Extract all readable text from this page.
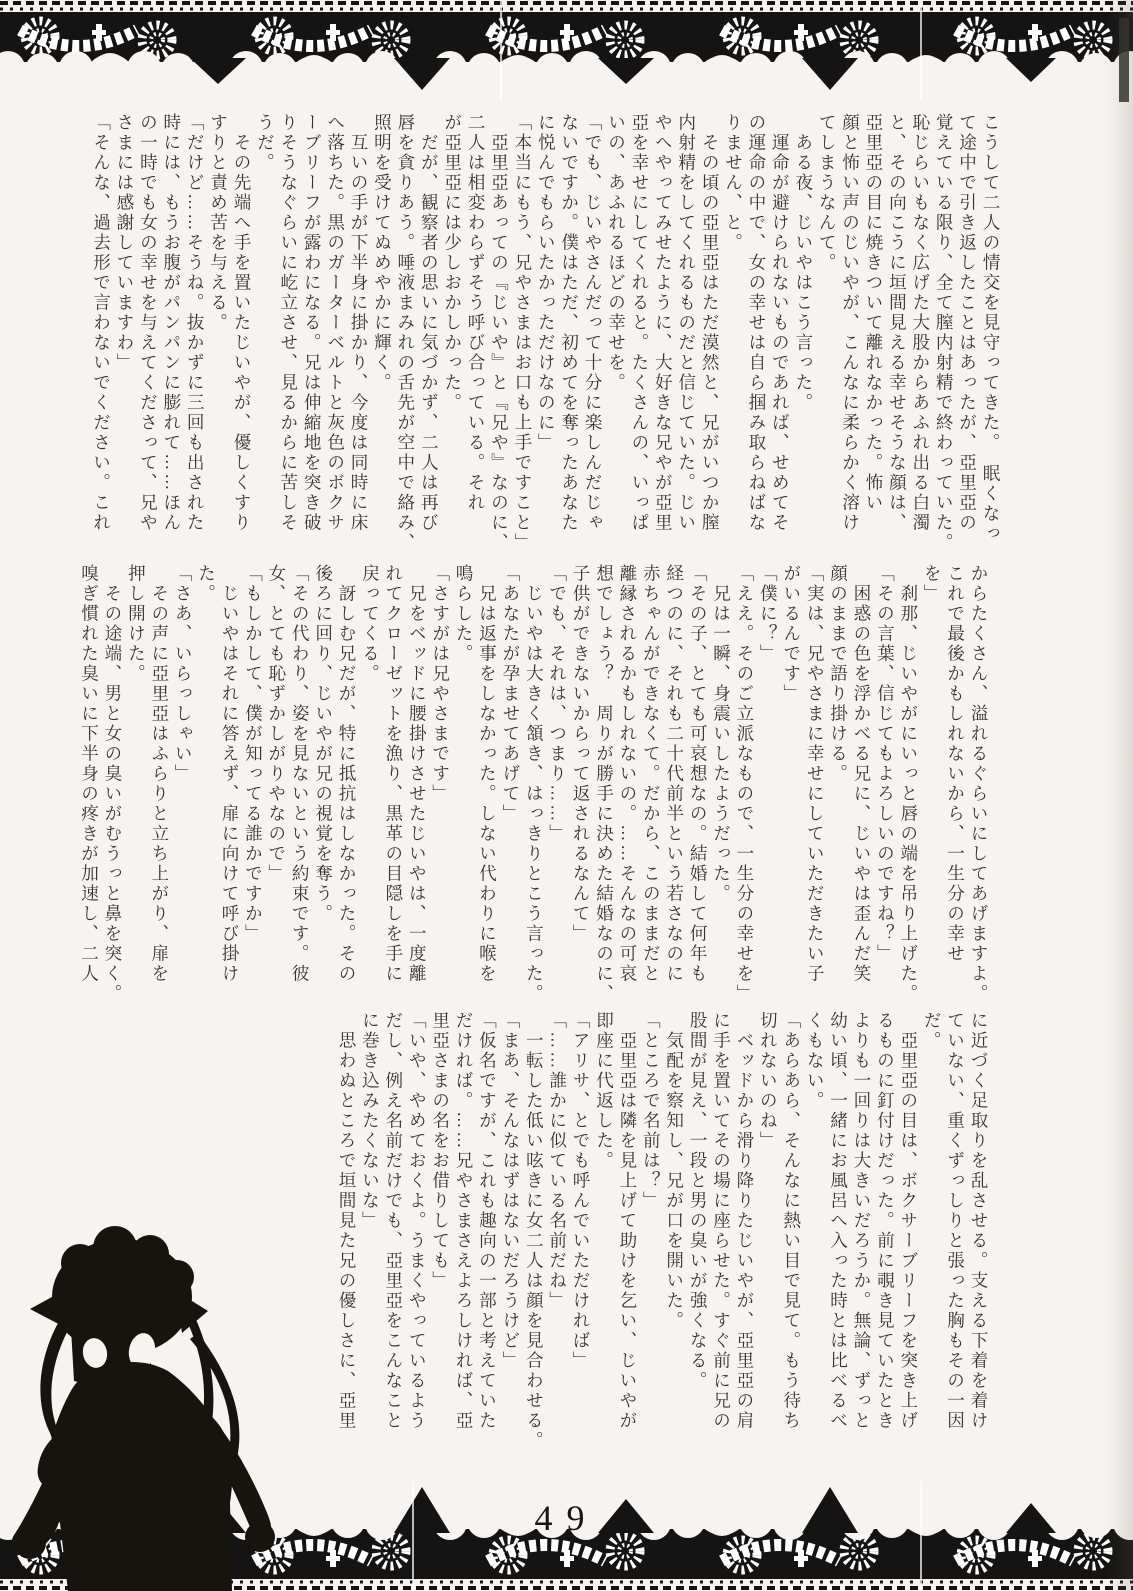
こうして二人の情交を見守ってきた。　眠くなっ
て途中で引き返したことはあったが、亞里亞の
覚えている限り、全て膣内射精で終わっていた。
恥じらいもなく広げた大股からあふれ出る白濁
と、その向こうに垣間見える幸せそうな顔は、
亞里亞の目に焼きついて離れなかった。怖い
顔と怖い声のじいやが、こんなに柔らかく溶け
てしまうなんて。
　ある夜、じいやはこう言った。
　運命が避けられないものであれば、せめてそ
の運命の中で、女の幸せは自ら掴み取らねばな
りません、と。
　その頃の亞里亞はただ漠然と、兄がいつか膣
内射精をしてくれるものだと信じていた。じい
やへやってみせたように、大好きな兄やが亞里
亞を幸せにしてくれると。たくさんの、いっぱ
いの、あふれるほどの幸せを。
「でも、じいやさんだって十分に楽しんだじゃ
ないですか。僕はただ、初めてを奪ったあなた
に悦んでもらいたかっただけなのに」
「本当にもう、兄やさまはお口も上手ですこと」
　亞里亞あっての『じいや』と『兄や』なのに、
二人は相変わらずそう呼び合っている。それ
が亞里亞には少しおかしかった。
　だが、観察者の思いに気づかず、二人は再び
唇を貪りあう。唾液まみれの舌先が空中で絡み、
照明を受けてぬめやかに輝く。
　互いの手が下半身に掛かり、今度は同時に床
へ落ちた。黒のガーターベルトと灰色のボクサ
ーブリーフが露わになる。兄は伸縮地を突き破
りそうなぐらいに屹立させ、見るからに苦しそ
うだ。
　その先端へ手を置いたじいやが、優しくすり
すりと責め苦を与える。
「だけど……そうね。抜かずに三回も出された
時には、もうお腹がパンパンに膨れて……ほん
の一時でも女の幸せを与えてくださって、兄や
さまには感謝していますわ」
「そんな、過去形で言わないでください。これ
からたくさん、溢れるぐらいにしてあげますよ。
これで最後かもしれないから、一生分の幸せ
を」
　刹那、じいやがにいっと唇の端を吊り上げた。
「その言葉、信じてもよろしいのですね？」
　困惑の色を浮かべる兄に、じいやは歪んだ笑
顔のままで語り掛ける。
「実は、兄やさまに幸せにしていただきたい子
がいるんです」
「僕に？」
「ええ。そのご立派なもので、一生分の幸せを」
　兄は一瞬、身震いしたようだった。
「その子、とても可哀想なの。結婚して何年も
経つのに、それも二十代前半という若さなのに
赤ちゃんができなくて。だから、このままだと
離縁されるかもしれないの。……そんなの可哀
想でしょう？　周りが勝手に決めた結婚なのに、
子供ができないからって返されるなんて」
「でも、それは、つまり……」
　じいやは大きく頷き、はっきりとこう言った。
「あなたが孕ませてあげて」
　兄は返事をしなかった。しない代わりに喉を
鳴らした。
「さすがは兄やさまです」
　兄をベッドに腰掛けさせたじいやは、一度離
れてクローゼットを漁り、黒革の目隠しを手に
戻ってくる。
　訝しむ兄だが、特に抵抗はしなかった。その
後ろに回り、じいやが兄の視覚を奪う。
「その代わり、姿を見ないという約束です。彼
女、とても恥ずかしがりやなので」
「もしかして、僕が知ってる誰かですか」
　じいやはそれに答えず、扉に向けて呼び掛け
た。
「さあ、いらっしゃい」
　その声に亞里亞はふらりと立ち上がり、扉を
押し開けた。
　その途端、男と女の臭いがむうっと鼻を突く。
嗅ぎ慣れた臭いに下半身の疼きが加速し、二人
に近づく足取りを乱させる。支える下着を着け
ていない、重くずっしりと張った胸もその一因
だ。
　亞里亞の目は、ボクサーブリーフを突き上げ
るものに釘付けだった。前に覗き見ていたとき
よりも一回りは大きいだろうか。無論、ずっと
幼い頃、一緒にお風呂へ入った時とは比べるべ
くもない。
「あらあら、そんなに熱い目で見て。もう待ち
切れないのね」
　ベッドから滑り降りたじいやが、亞里亞の肩
に手を置いてその場に座らせた。すぐ前に兄の
股間が見え、一段と男の臭いが強くなる。
　気配を察知し、兄が口を開いた。
「ところで名前は？」
　亞里亞は隣を見上げて助けを乞い、じいやが
即座に代返した。
「アリサ、とでも呼んでいただければ」
「……誰かに似ている名前だね」
　一転した低い呟きに女二人は顔を見合わせる。
「まあ、そんなはずはないだろうけど」
「仮名ですが、これも趣向の一部と考えていた
だければ。……兄やさまさえよろしければ、亞
里亞さまの名をお借りしても」
「いや、やめておくよ。うまくやっているよう
だし、例え名前だけでも、亞里亞をこんなこと
に巻き込みたくないな」
　思わぬところで垣間見た兄の優しさに、亞里
49
